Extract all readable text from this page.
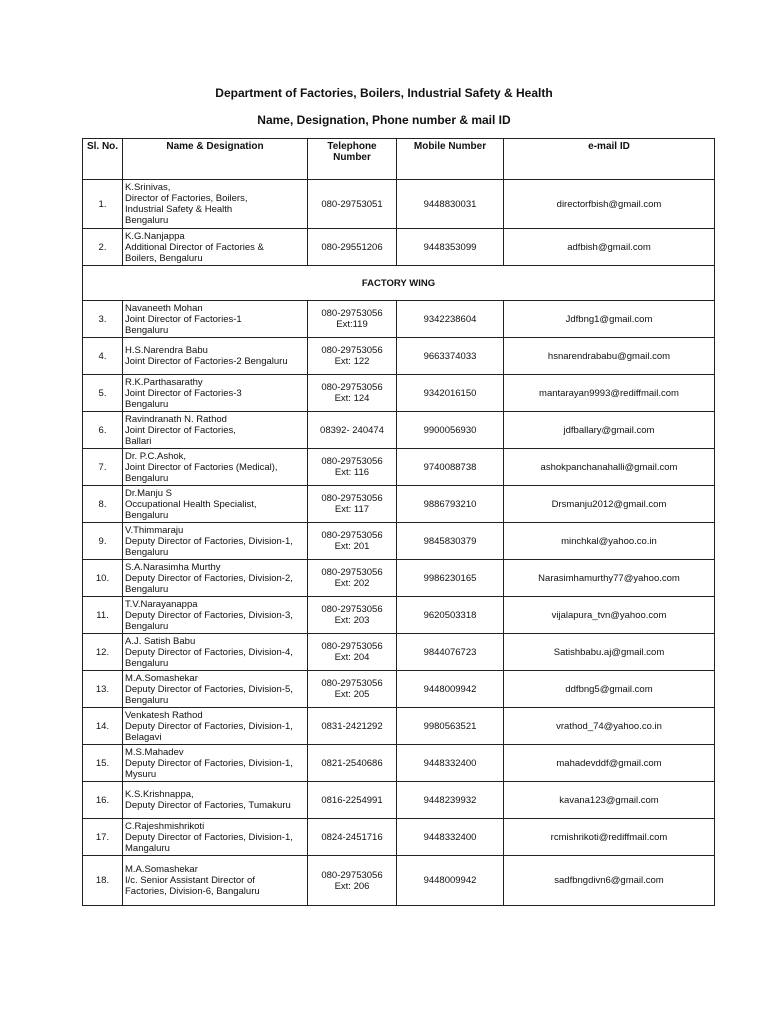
Department of Factories, Boilers, Industrial Safety & Health
Name, Designation, Phone number & mail ID
Sl. No.	Name & Designation	Telephone Number	Mobile Number	e-mail ID
1.	K.Srinivas,
Director of Factories, Boilers,
Industrial Safety & Health
Bengaluru	080-29753051	9448830031	directorfbish@gmail.com
2.	K.G.Nanjappa
Additional Director of Factories &
Boilers, Bengaluru	080-29551206	9448353099	adfbish@gmail.com
FACTORY WING				
3.	Navaneeth Mohan
Joint Director of Factories-1
Bengaluru	080-29753056
Ext:119	9342238604	Jdfbng1@gmail.com
4.	H.S.Narendra Babu
Joint Director of Factories-2 Bengaluru	080-29753056
Ext: 122	9663374033	hsnarendrababu@gmail.com
5.	R.K.Parthasarathy
Joint Director of Factories-3
Bengaluru	080-29753056
Ext: 124	9342016150	mantarayan9993@rediffmail.com
6.	Ravindranath N. Rathod
Joint Director of Factories,
Ballari	08392- 240474	9900056930	jdfballary@gmail.com
7.	Dr. P.C.Ashok,
Joint Director of Factories (Medical),
Bengaluru	080-29753056
Ext: 116	9740088738	ashokpanchanahalli@gmail.com
8.	Dr.Manju S
Occupational Health Specialist,
Bengaluru	080-29753056
Ext: 117	9886793210	Drsmanju2012@gmail.com
9.	V.Thimmaraju
Deputy Director of Factories, Division-1,
Bengaluru	080-29753056
Ext: 201	9845830379	minchkal@yahoo.co.in
10.	S.A.Narasimha Murthy
Deputy Director of Factories, Division-2,
Bengaluru	080-29753056
Ext: 202	9986230165	Narasimhamurthy77@yahoo.com
11.	T.V.Narayanappa
Deputy Director of Factories, Division-3,
Bengaluru	080-29753056
Ext: 203	9620503318	vijalapura_tvn@yahoo.com
12.	A.J. Satish Babu
Deputy Director of Factories, Division-4,
Bengaluru	080-29753056
Ext: 204	9844076723	Satishbabu.aj@gmail.com
13.	M.A.Somashekar
Deputy Director of Factories, Division-5,
Bengaluru	080-29753056
Ext: 205	9448009942	ddfbng5@gmail.com
14.	Venkatesh Rathod
Deputy Director of Factories, Division-1,
Belagavi	0831-2421292	9980563521	vrathod_74@yahoo.co.in
15.	M.S.Mahadev
Deputy Director of Factories, Division-1,
Mysuru	0821-2540686	9448332400	mahadevddf@gmail.com
16.	K.S.Krishnappa,
Deputy Director of Factories, Tumakuru	0816-2254991	9448239932	kavana123@gmail.com
17.	C.Rajeshmishrikoti
Deputy Director of Factories, Division-1,
Mangaluru	0824-2451716	9448332400	rcmishrikoti@rediffmail.com
18.	M.A.Somashekar
I/c. Senior Assistant Director of
Factories, Division-6, Bangaluru	080-29753056
Ext: 206	9448009942	sadfbngdivn6@gmail.com
